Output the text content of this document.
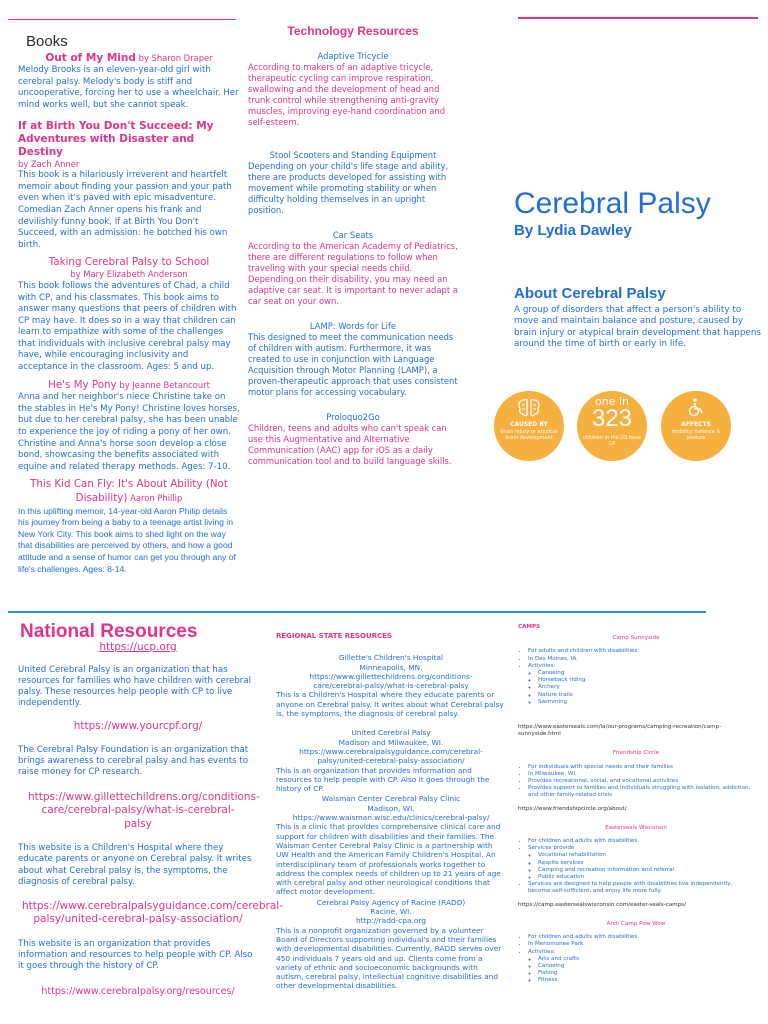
Books
Out of My Mind by Sharon Draper

Melody Brooks is an eleven-year-old girl with cerebral palsy. Melody's body is stiff and uncooperative, forcing her to use a wheelchair. Her mind works well, but she cannot speak.

If at Birth You Don't Succeed: My Adventures with Disaster and Destiny
by Zach Anner

This book is a hilariously irreverent and heartfelt memoir about finding your passion and your path even when it's paved with epic misadventure. Comedian Zach Anner opens his frank and devilishly funny book, If at Birth You Don't Succeed, with an admission: he botched his own birth.

Taking Cerebral Palsy to School
by Mary Elizabeth Anderson

This book follows the adventures of Chad, a child with CP, and his classmates. This book aims to answer many questions that peers of children with CP may have. It does so in a way that children can learn to empathize with some of the challenges that individuals with inclusive cerebral palsy may have, while encouraging inclusivity and acceptance in the classroom. Ages: 5 and up.

He's My Pony by Jeanne Betancourt

Anna and her neighbor's niece Christine take on the stables in He's My Pony! Christine loves horses, but due to her cerebral palsy, she has been unable to experience the joy of riding a pony of her own. Christine and Anna's horse soon develop a close bond, showcasing the benefits associated with equine and related therapy methods. Ages: 7-10.

This Kid Can Fly: It's About Ability (Not Disability) Aaron Phillip

In this uplifting memoir, 14-year-old Aaron Philip details his journey from being a baby to a teenage artist living in New York City. This book aims to shed light on the way that disabilities are perceived by others, and how a good attitude and a sense of humor can get you through any of life's challenges. Ages: 8-14.

Technology Resources
Adaptive Tricycle

According to makers of an adaptive tricycle, therapeutic cycling can improve respiration, swallowing and the development of head and trunk control while strengthening anti-gravity muscles, improving eye-hand coordination and self-esteem.

Stool Scooters and Standing Equipment

Depending on your child's life stage and ability, there are products developed for assisting with movement while promoting stability or when difficulty holding themselves in an upright position.

Car Seats

According to the American Academy of Pediatrics, there are different regulations to follow when traveling with your special needs child. Depending on their disability, you may need an adaptive car seat. It is important to never adapt a car seat on your own.

LAMP: Words for Life

This designed to meet the communication needs of children with autism. Furthermore, it was created to use in conjunction with Language Acquisition through Motor Planning (LAMP), a proven-therapeutic approach that uses consistent motor plans for accessing vocabulary.

Proloquo2Go

Children, teens and adults who can't speak can use this Augmentative and Alternative Communication (AAC) app for iOS as a daily communication tool and to build language skills.

Cerebral Palsy
By Lydia Dawley
About Cerebral Palsy

A group of disorders that affect a person's ability to move and maintain balance and posture, caused by brain injury or atypical brain development that happens around the time of birth or early in life.

CAUSED BY
brain injury or atypical brain development
one in
323
children in the US have CP
AFFECTS
mobility, balance & posture
National Resources
https://ucp.org

United Cerebral Palsy is an organization that has resources for families who have children with cerebral palsy. These resources help people with CP to live independently.

https://www.yourcpf.org/

The Cerebral Palsy Foundation is an organization that brings awareness to cerebral palsy and has events to raise money for CP research.

https://www.gillettechildrens.org/conditions-care/cerebral-palsy/what-is-cerebral-palsy

This website is a Children's Hospital where they educate parents or anyone on Cerebral palsy. It writes about what Cerebral palsy is, the symptoms, the diagnosis of cerebral palsy.

https://www.cerebralpalsyguidance.com/cerebral-palsy/united-cerebral-palsy-association/

This website is an organization that provides information and resources to help people with CP. Also it goes through the history of CP.

https://www.cerebralpalsy.org/resources/
REGIONAL STATE RESOURCES
Gillette's Children's Hospital
Minneapolis, MN.
https://www.gillettechildrens.org/conditions-care/cerebral-palsy/what-is-cerebral-palsy

This is a Children's Hospital where they educate parents or anyone on Cerebral palsy. It writes about what Cerebral palsy is, the symptoms, the diagnosis of cerebral palsy.

United Cerebral Palsy
Madison and Milwaukee, WI.
https://www.cerebralpalsyguidance.com/cerebral-palsy/united-cerebral-palsy-association/

This is an organization that provides information and resources to help people with CP. Also it goes through the history of CP.

Waisman Center Cerebral Palsy Clinic
Madison, WI.
https://www.waisman.wisc.edu/clinics/cerebral-palsy/

This is a clinic that provides comprehensive clinical care and support for children with disabilities and their families. The Waisman Center Cerebral Palsy Clinic is a partnership with UW Health and the American Family Children's Hospital. An interdisciplinary team of professionals works together to address the complex needs of children up to 21 years of age with cerebral palsy and other neurological conditions that affect motor development.

Cerebral Palsy Agency of Racine (RADD)
Racine, WI.
http://radd-cpa.org

This is a nonprofit organization governed by a volunteer Board of Directors supporting individual's and their families with developmental disabilities. Currently, RADD serves over 450 individuals 7 years old and up. Clients come from a variety of ethnic and socioeconomic backgrounds with autism, cerebral palsy, intellectual cognitive disabilities and other developmental disabilities.

CAMPS
Camp Sunnyside
• For adults and children with disabilities
• In Des Moines, IA.
• Activities:
◦ Canoeing
◦ Horseback riding
◦ Archery
◦ Nature trails
◦ Swimming
https://www.easterseals.com/ia/our-programs/camping-recreation/camp-sunnyside.html
Friendship Circle
• For individuals with special needs and their families
• In Milwaukee, WI.
• Provides recreational, social, and vocational activities
• Provides support to families and individuals struggling with isolation, addiction, and other family-related crisis
https://www.friendshipcircle.org/about/
Easterseals Wisconsin
• For children and adults with disabilities
• Services provide
◦ Vocational rehabilitation
◦ Respite services
◦ Camping and recreation information and referral
◦ Public education
• Services are designed to help people with disabilities live independently, become self-sufficient, and enjoy life more fully.
https://camp.eastersealswisconsin.com/easter-seals-camps/
Arch Camp Pow Wow
• For children and adults with disabilities
• In Menomonee Park
• Activities:
◦ Arts and crafts
◦ Canoeing
◦ Fishing
◦ Fitness
